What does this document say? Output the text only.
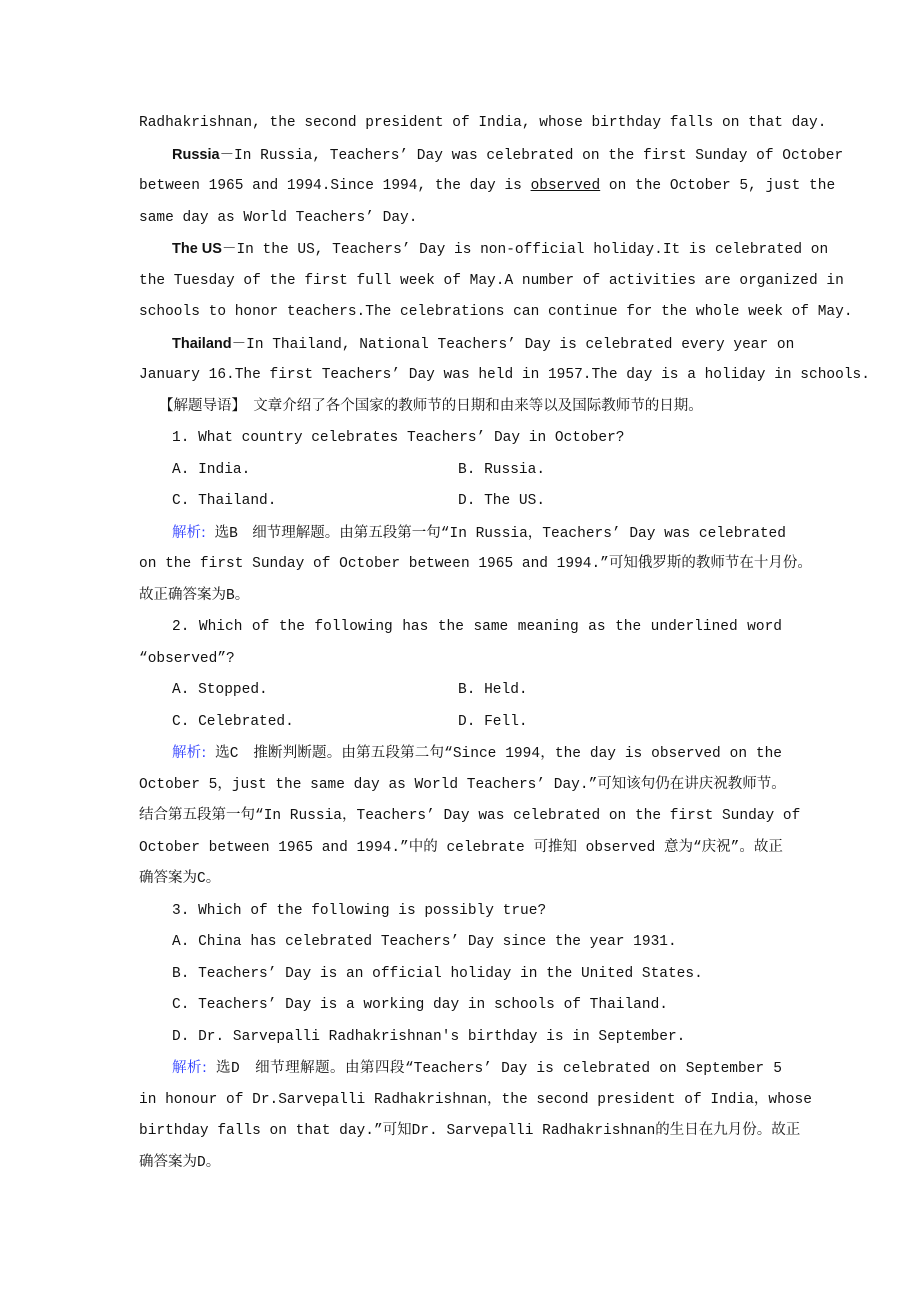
Radhakrishnan, the second president of India, whose birthday falls on that day.
Russia－In Russia, Teachers’ Day was celebrated on the first Sunday of October
between 1965 and 1994.Since 1994, the day is observed on the October 5, just the
same day as World Teachers’ Day.
The US－In the US, Teachers’ Day is non-official holiday.It is celebrated on
the Tuesday of the first full week of May.A number of activities are organized in
schools to honor teachers.The celebrations can continue for the whole week of May.
Thailand－In Thailand, National Teachers’ Day is celebrated every year on
January 16.The first Teachers’ Day was held in 1957.The day is a holiday in schools.
【解题导语】　文章介绍了各个国家的教师节的日期和由来等以及国际教师节的日期。
1. What country celebrates Teachers’ Day in October?
A. India.	B. Russia.
C. Thailand.	D. The US.
解析: 选B　细节理解题。由第五段第一句“In Russia，Teachers’ Day was celebrated
on the first Sunday of October between 1965 and 1994.”可知俄罗斯的教师节在十月份。
故正确答案为B。
2. Which of the following has the same meaning as the underlined word
“observed”?
A. Stopped.	B. Held.
C. Celebrated.	D. Fell.
解析: 选C　推断判断题。由第五段第二句“Since 1994，the day is observed on the
October 5，just the same day as World Teachers’ Day.”可知该句仍在讲庆祝教师节。
结合第五段第一句“In Russia，Teachers’ Day was celebrated on the first Sunday of
October between 1965 and 1994.”中的 celebrate 可推知 observed 意为“庆祝”。故正
确答案为C。
3. Which of the following is possibly true?
A. China has celebrated Teachers’ Day since the year 1931.
B. Teachers’ Day is an official holiday in the United States.
C. Teachers’ Day is a working day in schools of Thailand.
D. Dr. Sarvepalli Radhakrishnan's birthday is in September.
解析: 选D　细节理解题。由第四段“Teachers’ Day is celebrated on September 5
in honour of Dr.Sarvepalli Radhakrishnan，the second president of India，whose
birthday falls on that day.”可知Dr. Sarvepalli Radhakrishnan的生日在九月份。故正
确答案为D。
